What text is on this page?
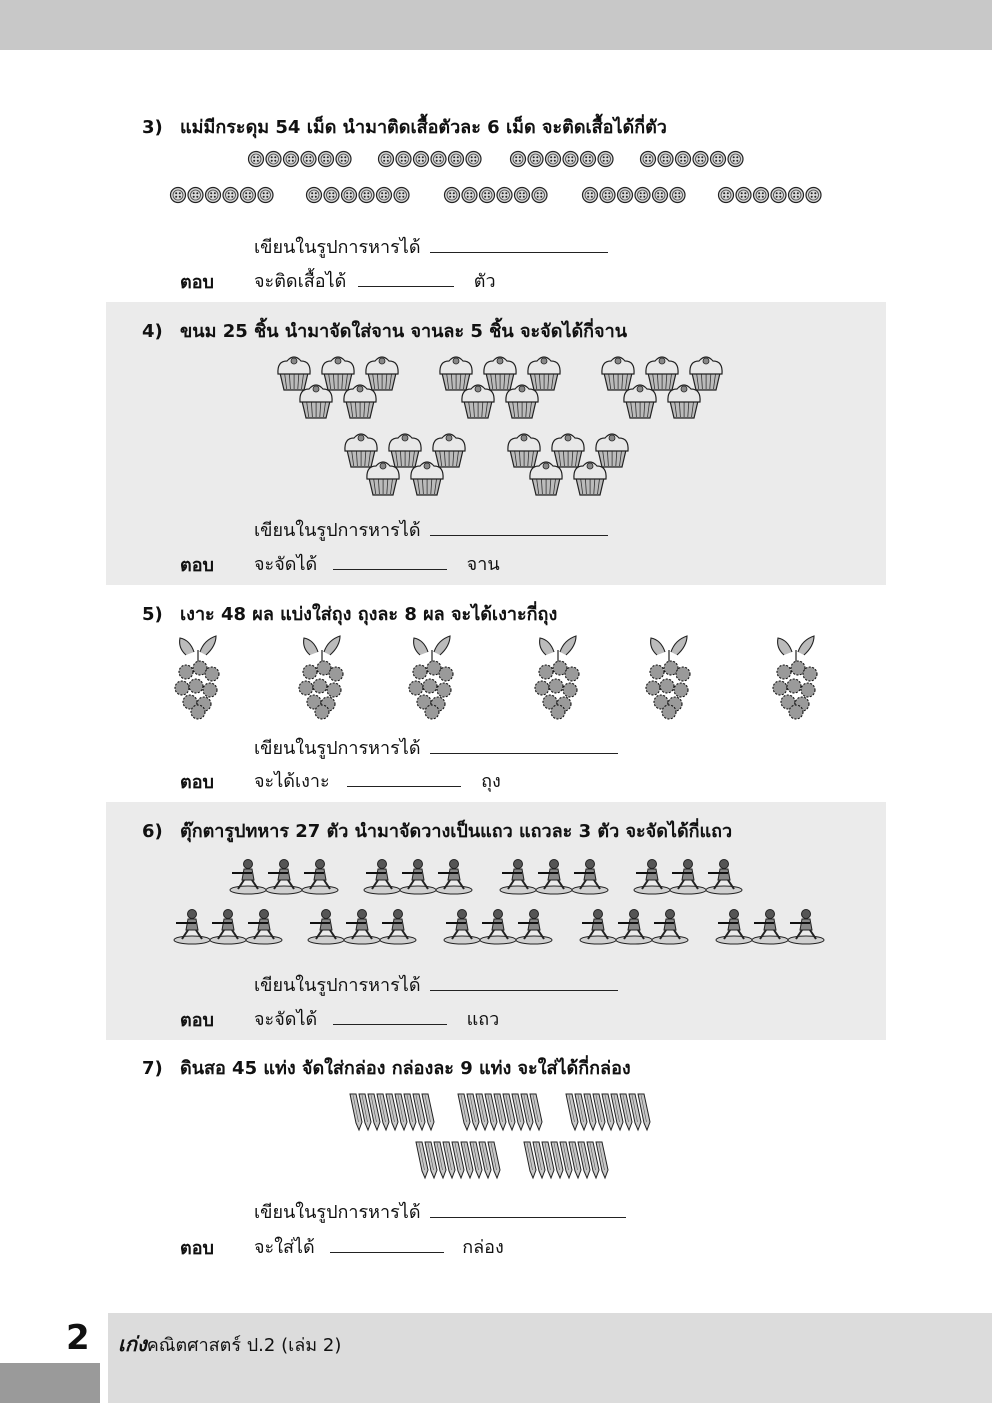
3) แม่มีกระดุม 54 เม็ด นำมาติดเสื้อตัวละ 6 เม็ด จะติดเสื้อได้กี่ตัว
เขียนในรูปการหารได้
ตอบ จะติดเสื้อได้	ตัว
4) ขนม 25 ชิ้น นำมาจัดใส่จาน จานละ 5 ชิ้น จะจัดได้กี่จาน
เขียนในรูปการหารได้
ตอบ จะจัดได้	จาน
5) เงาะ 48 ผล แบ่งใส่ถุง ถุงละ 8 ผล จะได้เงาะกี่ถุง
เขียนในรูปการหารได้
ตอบ จะได้เงาะ	ถุง
6) ตุ๊กตารูปทหาร 27 ตัว นำมาจัดวางเป็นแถว แถวละ 3 ตัว จะจัดได้กี่แถว
เขียนในรูปการหารได้
ตอบ จะจัดได้	แถว
7) ดินสอ 45 แท่ง จัดใส่กล่อง กล่องละ 9 แท่ง จะใส่ได้กี่กล่อง
เขียนในรูปการหารได้
ตอบ จะใส่ได้	กล่อง
2 เก่งคณิตศาสตร์ ป.2 (เล่ม 2)
